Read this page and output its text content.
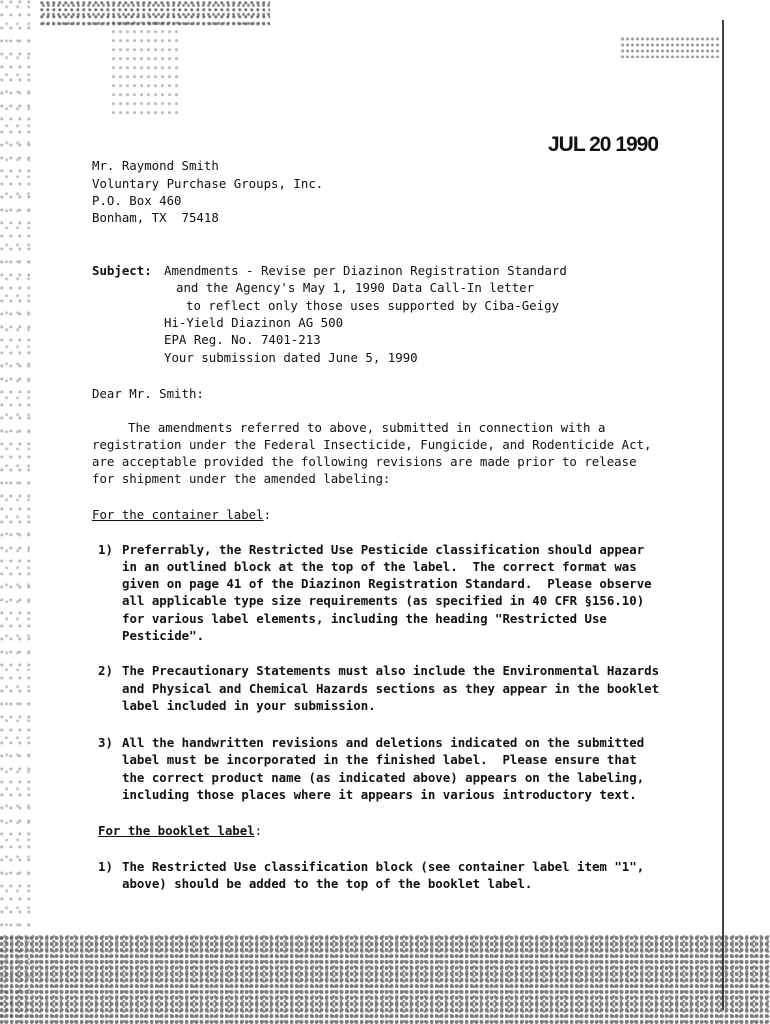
JUL 20 1990
Mr. Raymond Smith
Voluntary Purchase Groups, Inc.
P.O. Box 460
Bonham, TX  75418
Subject: Amendments - Revise per Diazinon Registration Standard
and the Agency's May 1, 1990 Data Call-In letter
to reflect only those uses supported by Ciba-Geigy
Hi-Yield Diazinon AG 500
EPA Reg. No. 7401-213
Your submission dated June 5, 1990
Dear Mr. Smith:
The amendments referred to above, submitted in connection with a
registration under the Federal Insecticide, Fungicide, and Rodenticide Act,
are acceptable provided the following revisions are made prior to release
for shipment under the amended labeling:
For the container label:
1) Preferrably, the Restricted Use Pesticide classification should appear
in an outlined block at the top of the label.  The correct format was
given on page 41 of the Diazinon Registration Standard.  Please observe
all applicable type size requirements (as specified in 40 CFR §156.10)
for various label elements, including the heading "Restricted Use
Pesticide".
2) The Precautionary Statements must also include the Environmental Hazards
and Physical and Chemical Hazards sections as they appear in the booklet
label included in your submission.
3) All the handwritten revisions and deletions indicated on the submitted
label must be incorporated in the finished label.  Please ensure that
the correct product name (as indicated above) appears on the labeling,
including those places where it appears in various introductory text.
For the booklet label:
1) The Restricted Use classification block (see container label item "1",
above) should be added to the top of the booklet label.
